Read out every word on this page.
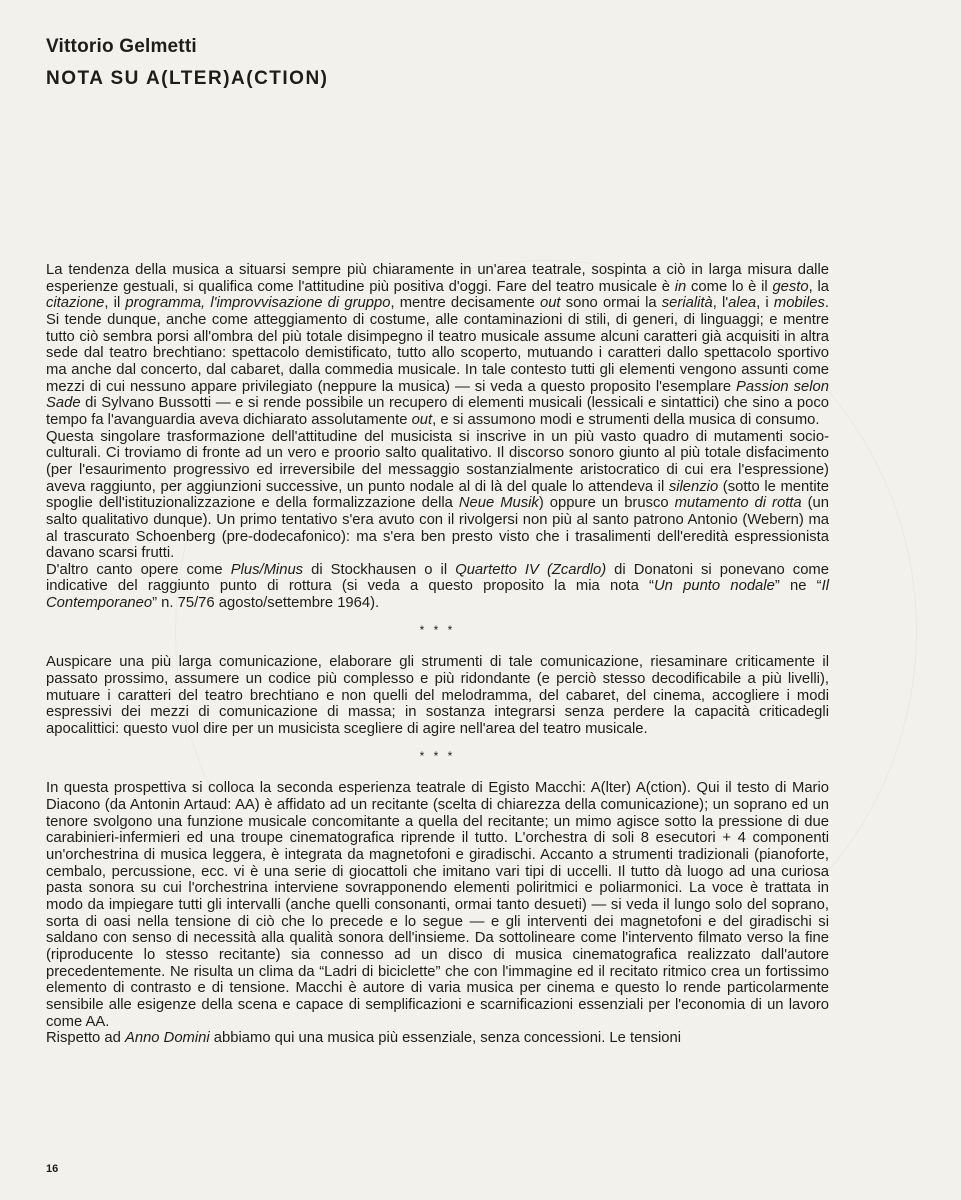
Vittorio Gelmetti
NOTA SU A(LTER)A(CTION)

La tendenza della musica a situarsi sempre più chiaramente in un'area teatrale, sospinta a ciò in larga misura dalle esperienze gestuali, si qualifica come l'attitudine più positiva d'oggi. Fare del teatro musicale è in come lo è il gesto, la citazione, il programma, l'improvvisazione di gruppo, mentre decisamente out sono ormai la serialità, l'alea, i mobiles. Si tende dunque, anche come atteggiamento di costume, alle contaminazioni di stili, di generi, di linguaggi; e mentre tutto ciò sembra porsi all'ombra del più totale disimpegno il teatro musicale assume alcuni caratteri già acquisiti in altra sede dal teatro brechtiano: spettacolo demistificato, tutto allo scoperto, mutuando i caratteri dallo spettacolo sportivo ma anche dal concerto, dal cabaret, dalla commedia musicale. In tale contesto tutti gli elementi vengono assunti come mezzi di cui nessuno appare privilegiato (neppure la musica) — si veda a questo proposito l'esemplare Passion selon Sade di Sylvano Bussotti — e si rende possibile un recupero di elementi musicali (lessicali e sintattici) che sino a poco tempo fa l'avanguardia aveva dichiarato assolutamente out, e si assumono modi e strumenti della musica di consumo.

Questa singolare trasformazione dell'attitudine del musicista si inscrive in un più vasto quadro di mutamenti socio-culturali. Ci troviamo di fronte ad un vero e proorio salto qualitativo. Il discorso sonoro giunto al più totale disfacimento (per l'esaurimento progressivo ed irreversibile del messaggio sostanzialmente aristocratico di cui era l'espressione) aveva raggiunto, per aggiunzioni successive, un punto nodale al di là del quale lo attendeva il silenzio (sotto le mentite spoglie dell'istituzionalizzazione e della formalizzazione della Neue Musik) oppure un brusco mutamento di rotta (un salto qualitativo dunque). Un primo tentativo s'era avuto con il rivolgersi non più al santo patrono Antonio (Webern) ma al trascurato Schoenberg (pre-dodecafonico): ma s'era ben presto visto che i trasalimenti dell'eredità espressionista davano scarsi frutti.

D'altro canto opere come Plus/Minus di Stockhausen o il Quartetto IV (Zcardlo) di Donatoni si ponevano come indicative del raggiunto punto di rottura (si veda a questo proposito la mia nota “Un punto nodale” ne “Il Contemporaneo” n. 75/76 agosto/settembre 1964).

* * *

Auspicare una più larga comunicazione, elaborare gli strumenti di tale comunicazione, riesaminare criticamente il passato prossimo, assumere un codice più complesso e più ridondante (e perciò stesso decodificabile a più livelli), mutuare i caratteri del teatro brechtiano e non quelli del melodramma, del cabaret, del cinema, accogliere i modi espressivi dei mezzi di comunicazione di massa; in sostanza integrarsi senza perdere la capacità criticadegli apocalittici: questo vuol dire per un musicista scegliere di agire nell'area del teatro musicale.

* * *

In questa prospettiva si colloca la seconda esperienza teatrale di Egisto Macchi: A(lter) A(ction). Qui il testo di Mario Diacono (da Antonin Artaud: AA) è affidato ad un recitante (scelta di chiarezza della comunicazione); un soprano ed un tenore svolgono una funzione musicale concomitante a quella del recitante; un mimo agisce sotto la pressione di due carabinieri-infermieri ed una troupe cinematografica riprende il tutto. L'orchestra di soli 8 esecutori + 4 componenti un'orchestrina di musica leggera, è integrata da magnetofoni e giradischi. Accanto a strumenti tradizionali (pianoforte, cembalo, percussione, ecc. vi è una serie di giocattoli che imitano vari tipi di uccelli. Il tutto dà luogo ad una curiosa pasta sonora su cui l'orchestrina interviene sovrapponendo elementi poliritmici e poliarmonici. La voce è trattata in modo da impiegare tutti gli intervalli (anche quelli consonanti, ormai tanto desueti) — si veda il lungo solo del soprano, sorta di oasi nella tensione di ciò che lo precede e lo segue — e gli interventi dei magnetofoni e del giradischi si saldano con senso di necessità alla qualità sonora dell'insieme. Da sottolineare come l'intervento filmato verso la fine (riproducente lo stesso recitante) sia connesso ad un disco di musica cinematografica realizzato dall'autore precedentemente. Ne risulta un clima da “Ladri di biciclette” che con l'immagine ed il recitato ritmico crea un fortissimo elemento di contrasto e di tensione. Macchi è autore di varia musica per cinema e questo lo rende particolarmente sensibile alle esigenze della scena e capace di semplificazioni e scarnificazioni essenziali per l'economia di un lavoro come AA.

Rispetto ad Anno Domini abbiamo qui una musica più essenziale, senza concessioni. Le tensioni

16
